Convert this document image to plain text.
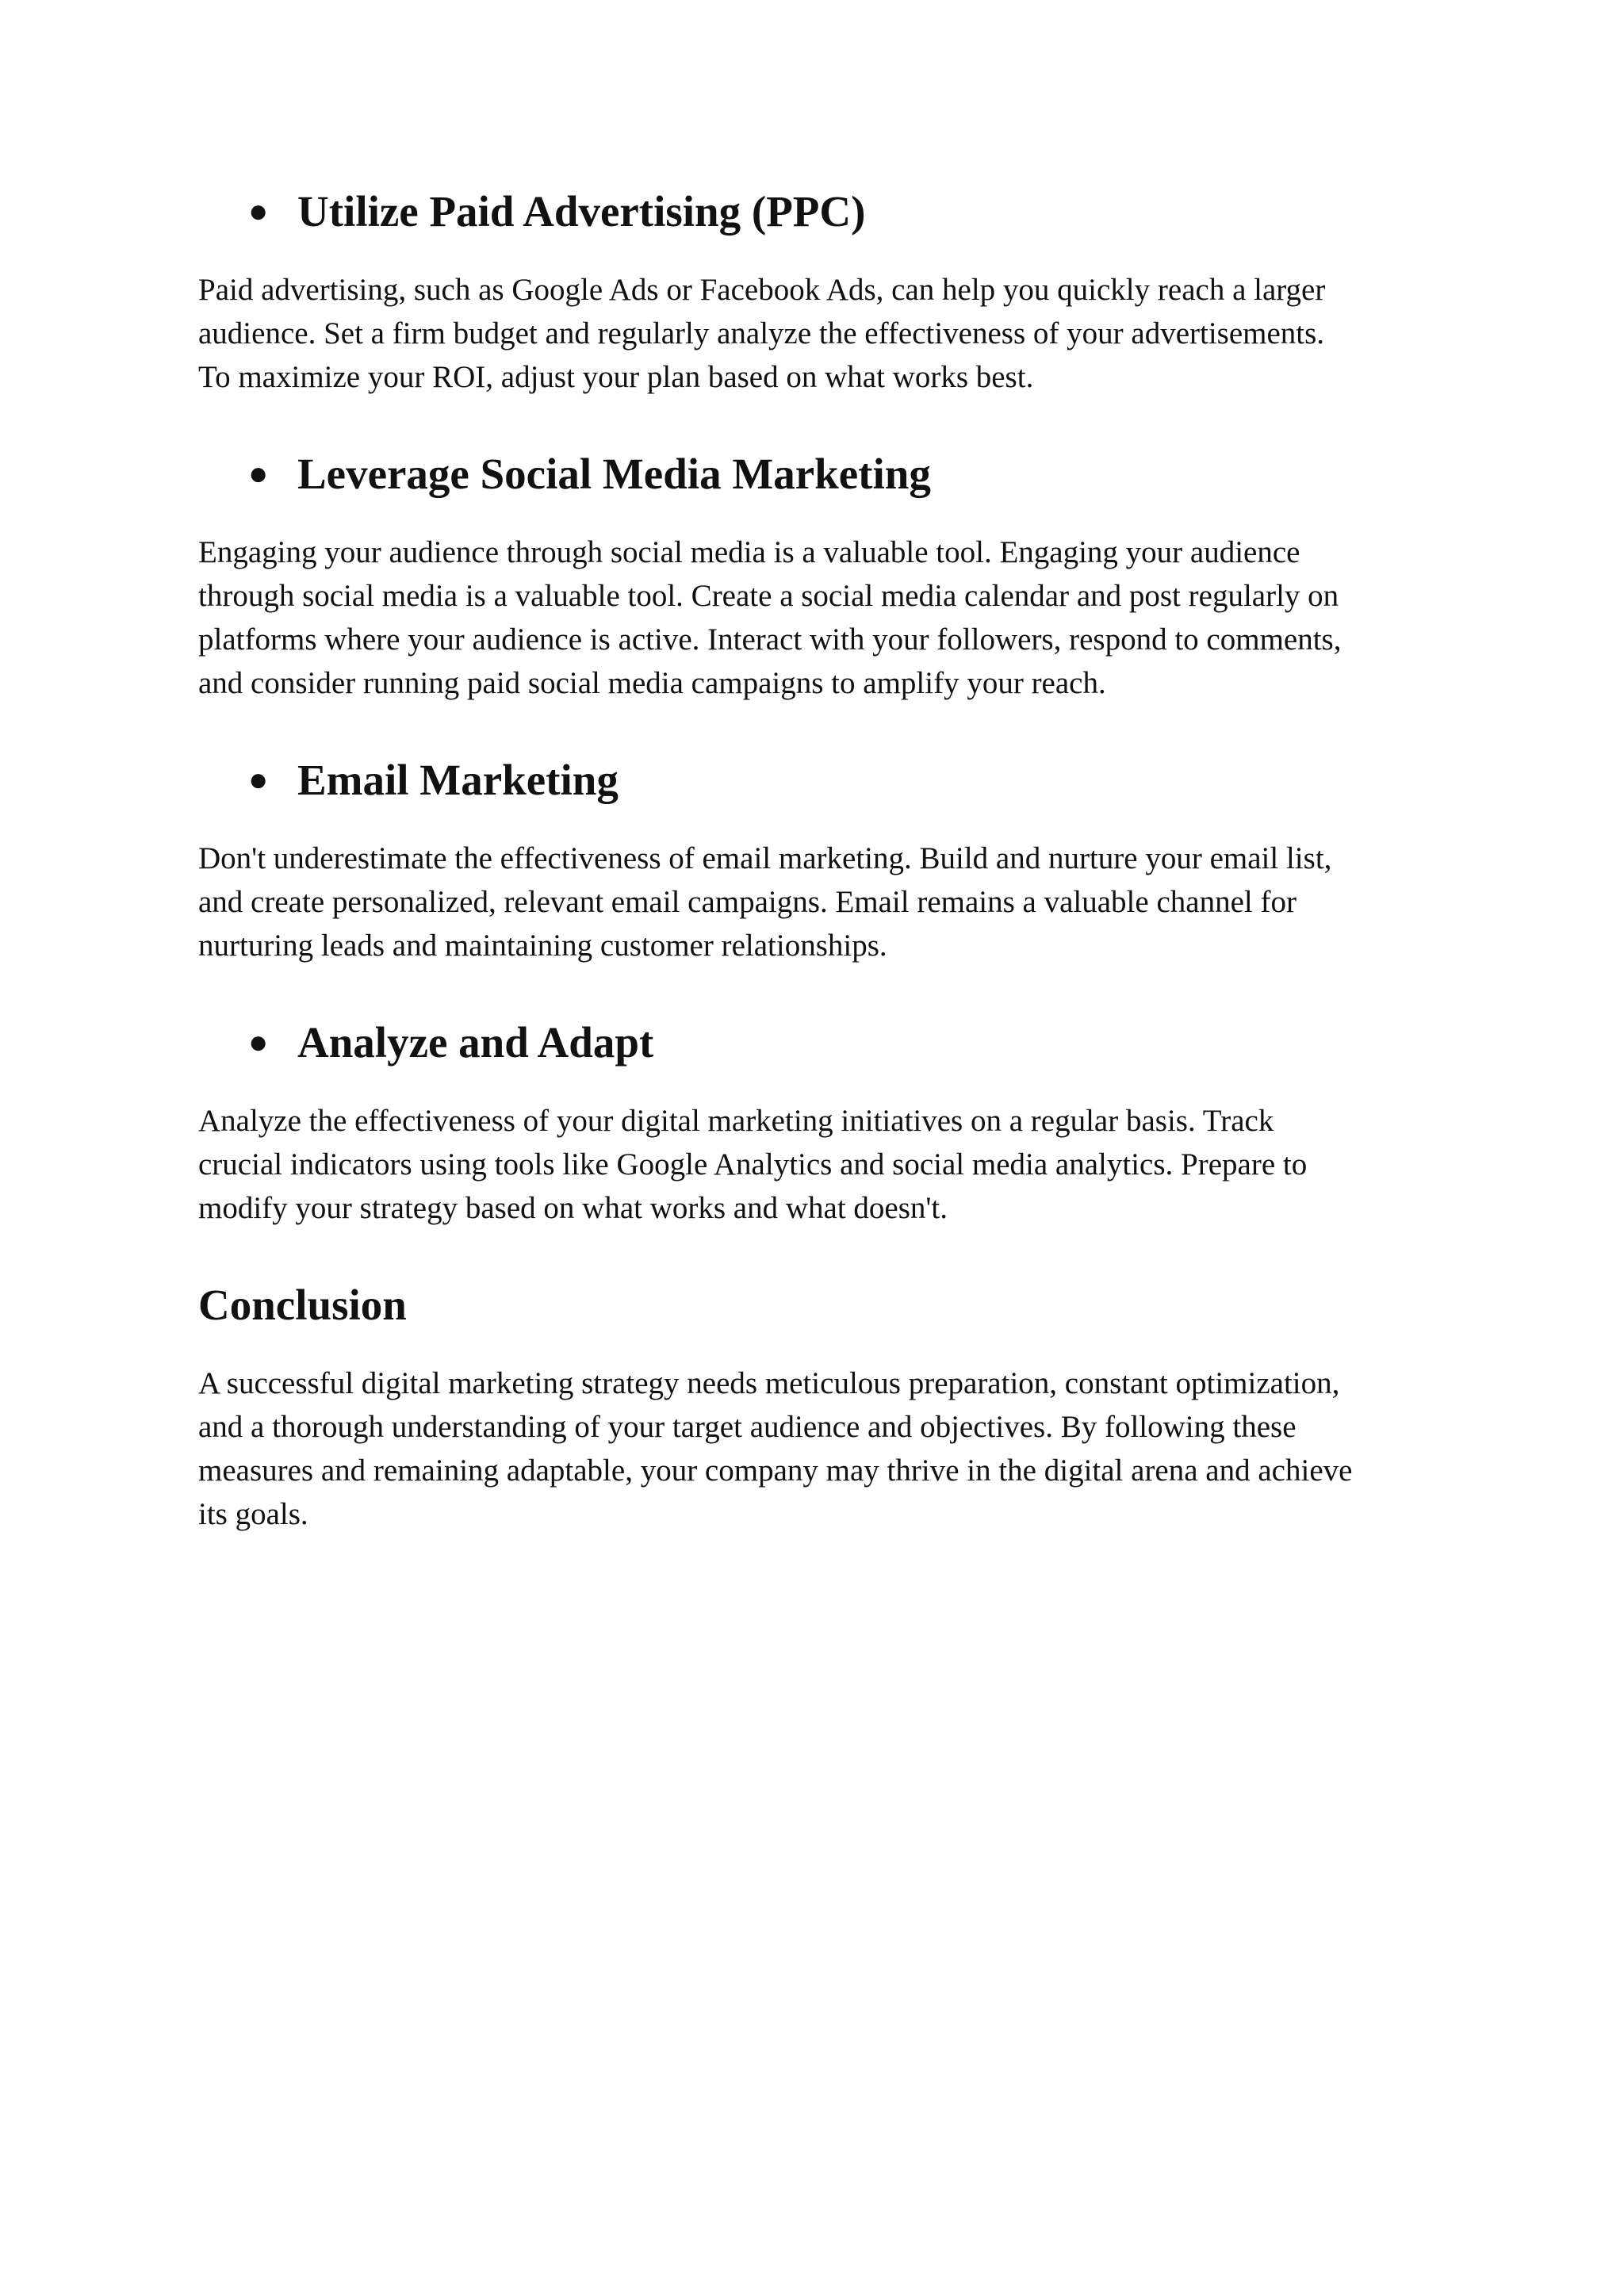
● Utilize Paid Advertising (PPC)

Paid advertising, such as Google Ads or Facebook Ads, can help you quickly reach a larger
audience. Set a firm budget and regularly analyze the effectiveness of your advertisements.
To maximize your ROI, adjust your plan based on what works best.

● Leverage Social Media Marketing

Engaging your audience through social media is a valuable tool. Engaging your audience
through social media is a valuable tool. Create a social media calendar and post regularly on
platforms where your audience is active. Interact with your followers, respond to comments,
and consider running paid social media campaigns to amplify your reach.

● Email Marketing

Don't underestimate the effectiveness of email marketing. Build and nurture your email list,
and create personalized, relevant email campaigns. Email remains a valuable channel for
nurturing leads and maintaining customer relationships.

● Analyze and Adapt

Analyze the effectiveness of your digital marketing initiatives on a regular basis. Track
crucial indicators using tools like Google Analytics and social media analytics. Prepare to
modify your strategy based on what works and what doesn't.

Conclusion

A successful digital marketing strategy needs meticulous preparation, constant optimization,
and a thorough understanding of your target audience and objectives. By following these
measures and remaining adaptable, your company may thrive in the digital arena and achieve
its goals.
